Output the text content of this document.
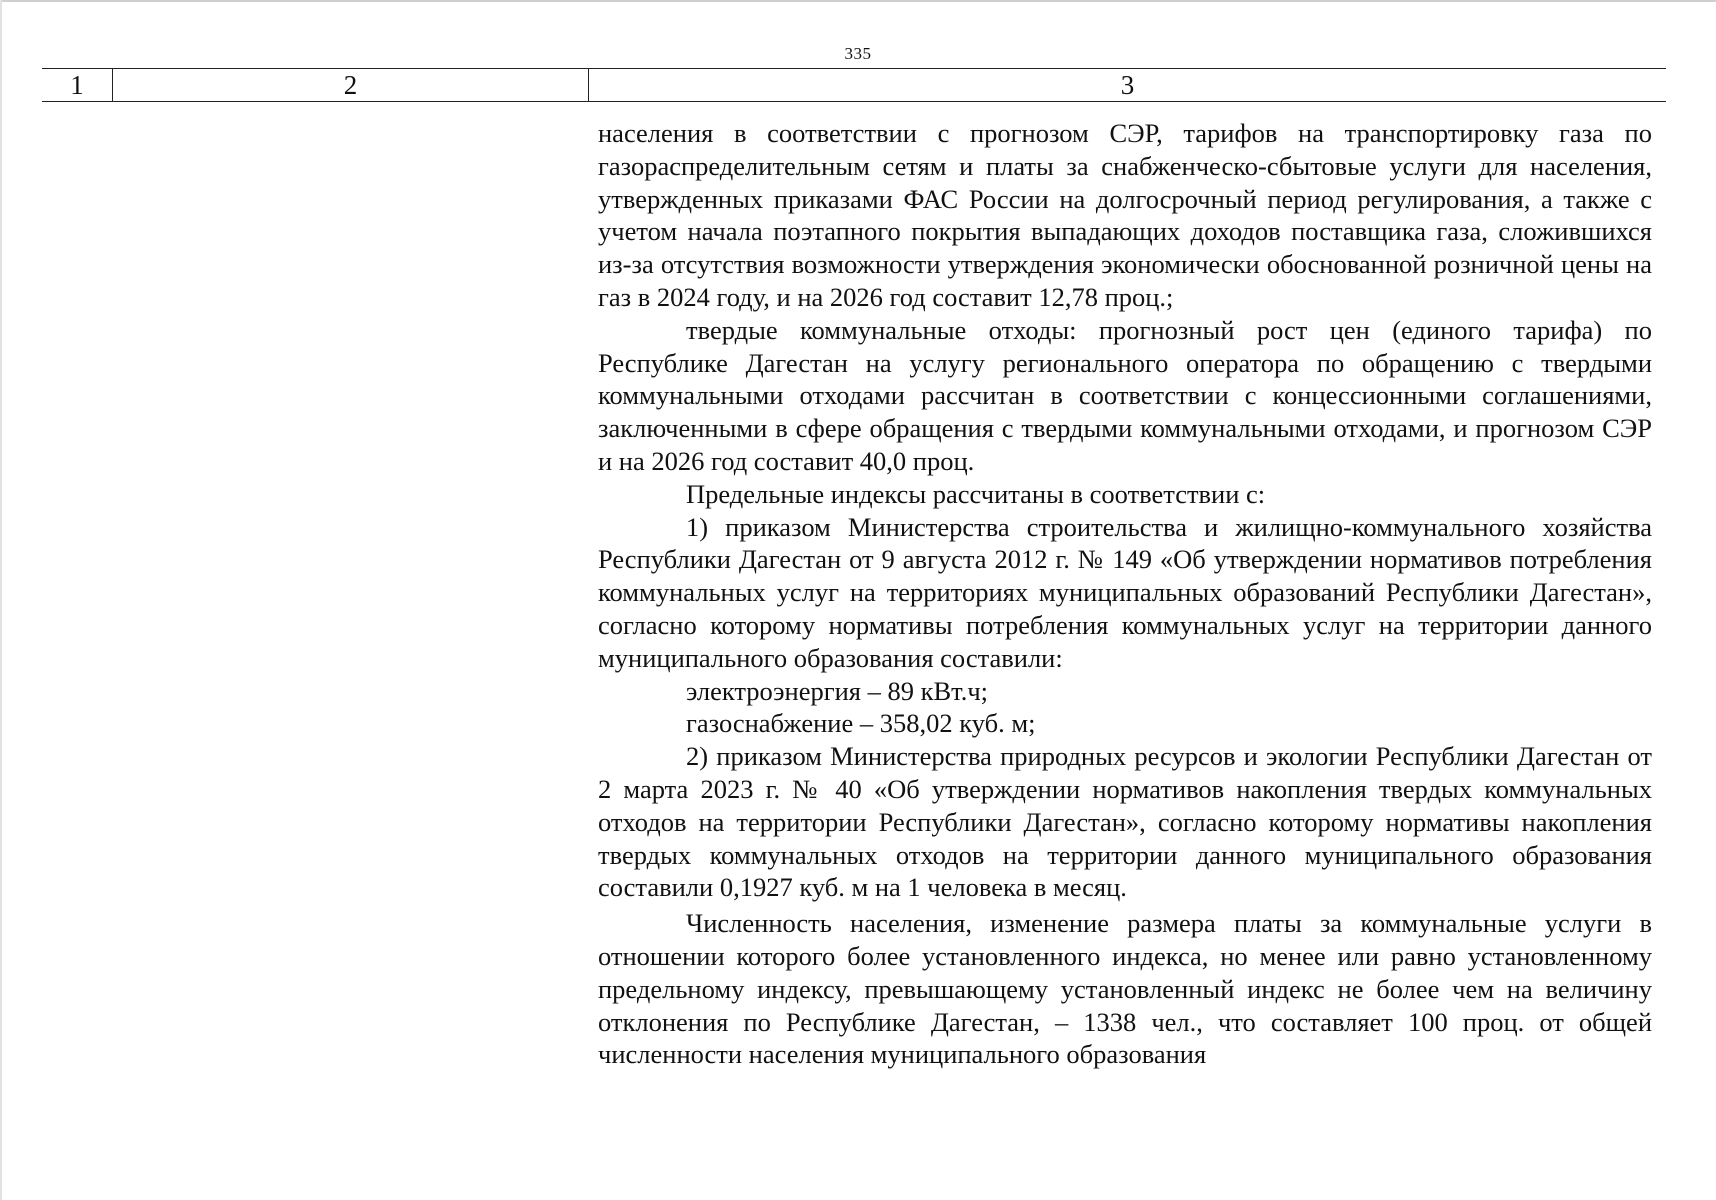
335
1	2	3

населения в соответствии с прогнозом СЭР, тарифов на транспортировку газа по газораспределительным сетям и платы за снабженческо-сбытовые услуги для населения, утвержденных приказами ФАС России на долгосрочный период регулирования, а также с учетом начала поэтапного покрытия выпадающих доходов поставщика газа, сложившихся из-за отсутствия возможности утверждения экономически обоснованной розничной цены на газ в 2024 году, и на 2026 год составит 12,78 проц.;

твердые коммунальные отходы: прогнозный рост цен (единого тарифа) по Республике Дагестан на услугу регионального оператора по обращению с твердыми коммунальными отходами рассчитан в соответствии с концессионными соглашениями, заключенными в сфере обращения с твердыми коммунальными отходами, и прогнозом СЭР и на 2026 год составит 40,0 проц.

Предельные индексы рассчитаны в соответствии с:

1) приказом Министерства строительства и жилищно-коммунального хозяйства Республики Дагестан от 9 августа 2012 г. № 149 «Об утверждении нормативов потребления коммунальных услуг на территориях муниципальных образований Республики Дагестан», согласно которому нормативы потребления коммунальных услуг на территории данного муниципального образования составили:

электроэнергия – 89 кВт.ч;

газоснабжение – 358,02 куб. м;

2) приказом Министерства природных ресурсов и экологии Республики Дагестан от 2 марта 2023 г. № 40 «Об утверждении нормативов накопления твердых коммунальных отходов на территории Республики Дагестан», согласно которому нормативы накопления твердых коммунальных отходов на территории данного муниципального образования составили 0,1927 куб. м на 1 человека в месяц.

Численность населения, изменение размера платы за коммунальные услуги в отношении которого более установленного индекса, но менее или равно установленному предельному индексу, превышающему установленный индекс не более чем на величину отклонения по Республике Дагестан, – 1338 чел., что составляет 100 проц. от общей численности населения муниципального образования
